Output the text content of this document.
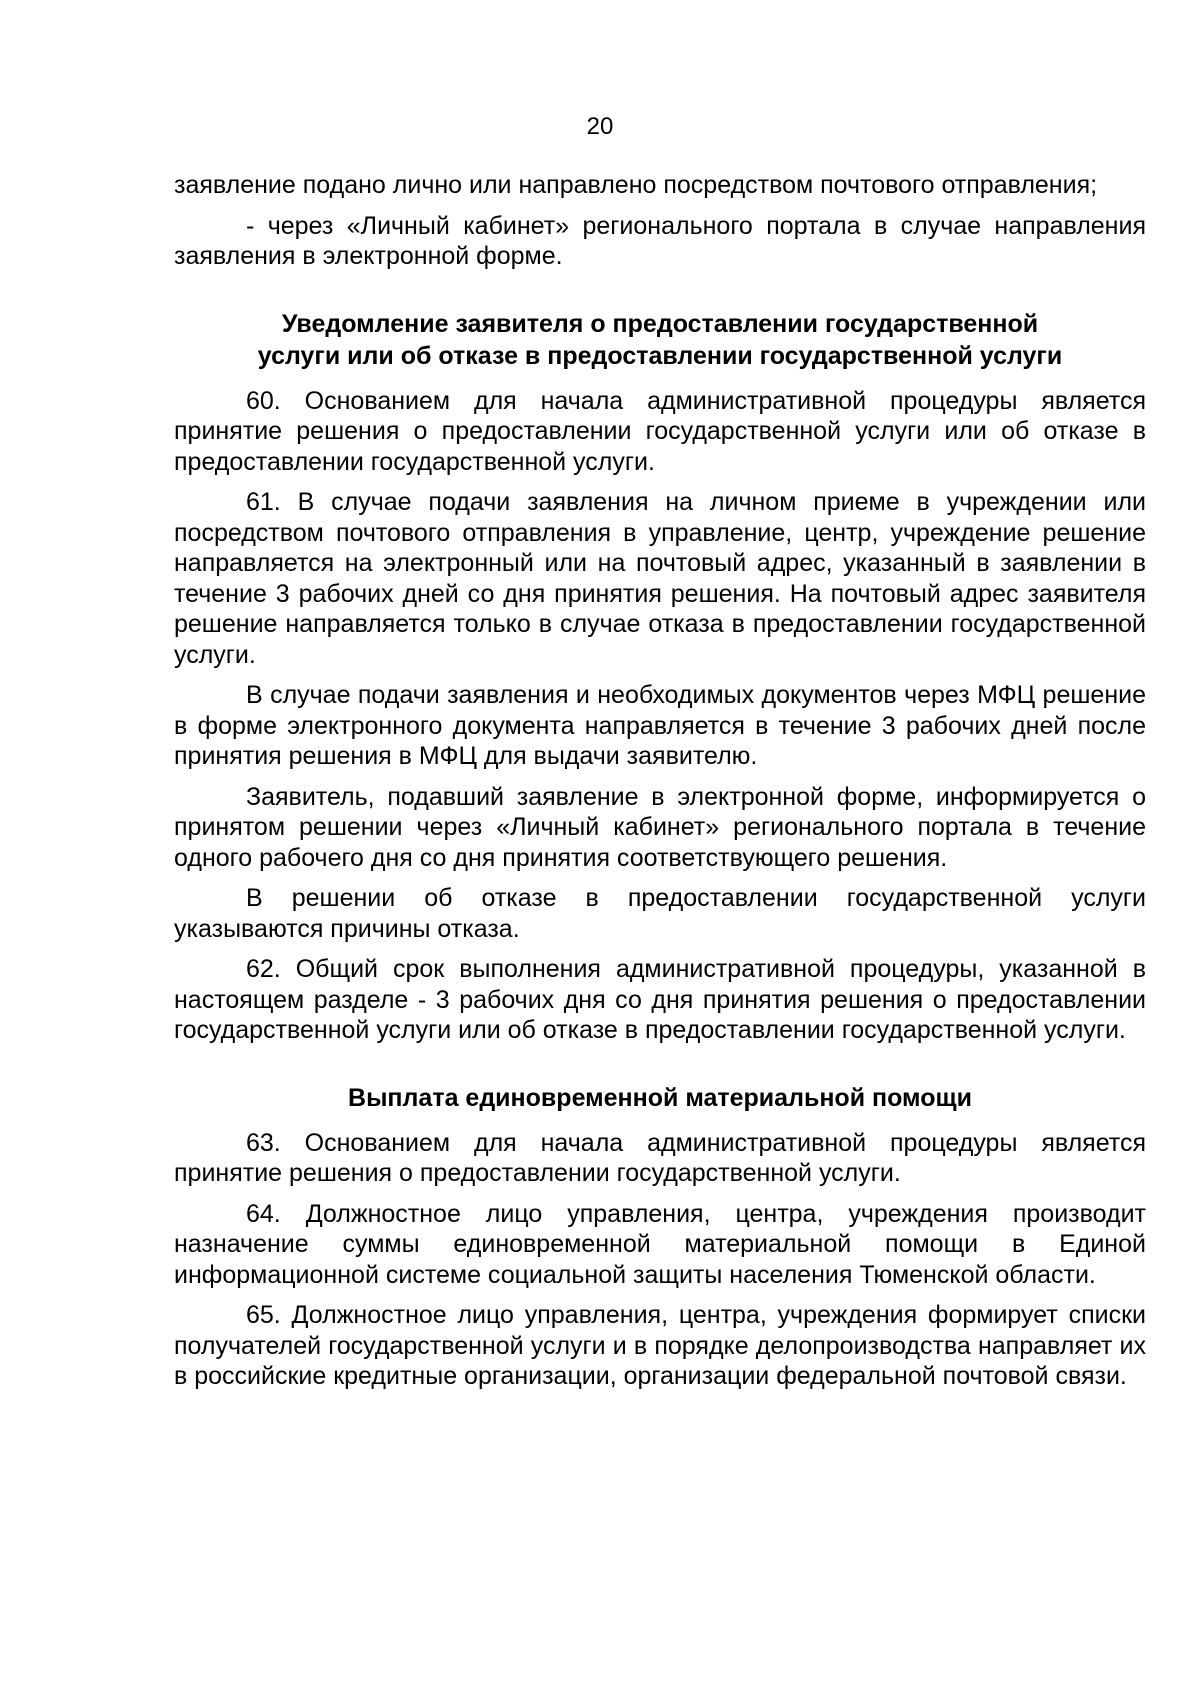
20

заявление подано лично или направлено посредством почтового отправления;

- через «Личный кабинет» регионального портала в случае направления заявления в электронной форме.

Уведомление заявителя о предоставлении государственной
услуги или об отказе в предоставлении государственной услуги

60. Основанием для начала административной процедуры является принятие решения о предоставлении государственной услуги или об отказе в предоставлении государственной услуги.

61. В случае подачи заявления на личном приеме в учреждении или посредством почтового отправления в управление, центр, учреждение решение направляется на электронный или на почтовый адрес, указанный в заявлении в течение 3 рабочих дней со дня принятия решения. На почтовый адрес заявителя решение направляется только в случае отказа в предоставлении государственной услуги.

В случае подачи заявления и необходимых документов через МФЦ решение в форме электронного документа направляется в течение 3 рабочих дней после принятия решения в МФЦ для выдачи заявителю.

Заявитель, подавший заявление в электронной форме, информируется о принятом решении через «Личный кабинет» регионального портала в течение одного рабочего дня со дня принятия соответствующего решения.

В решении об отказе в предоставлении государственной услуги указываются причины отказа.

62. Общий срок выполнения административной процедуры, указанной в настоящем разделе - 3 рабочих дня со дня принятия решения о предоставлении государственной услуги или об отказе в предоставлении государственной услуги.

Выплата единовременной материальной помощи

63. Основанием для начала административной процедуры является принятие решения о предоставлении государственной услуги.

64. Должностное лицо управления, центра, учреждения производит назначение суммы единовременной материальной помощи в Единой информационной системе социальной защиты населения Тюменской области.

65. Должностное лицо управления, центра, учреждения формирует списки получателей государственной услуги и в порядке делопроизводства направляет их в российские кредитные организации, организации федеральной почтовой связи.
